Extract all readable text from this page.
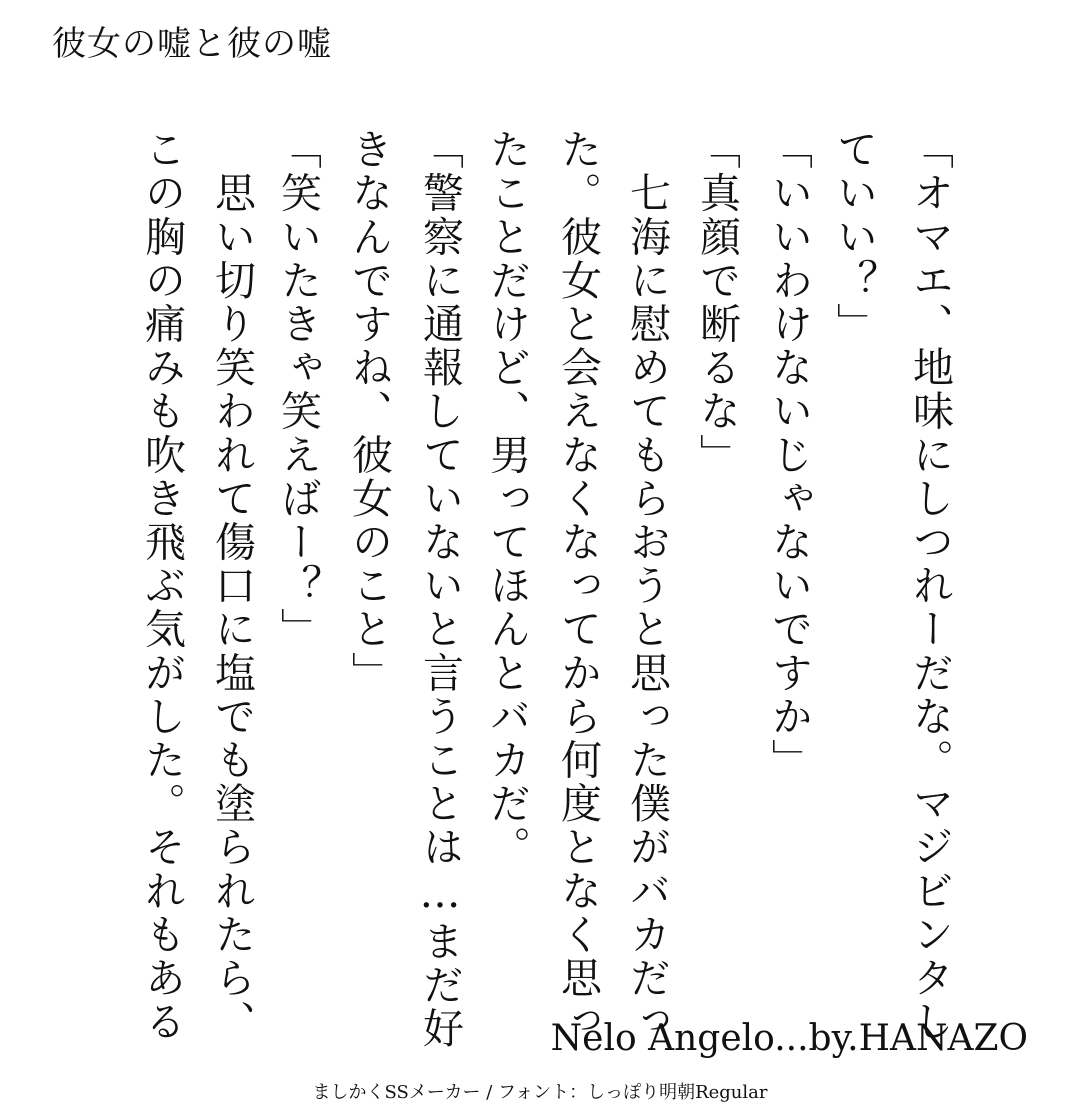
彼女の嘘と彼の嘘
「オマエ、地味にしつれーだな。マジビンタし
ていい？」
「いいわけないじゃないですか」
「真顔で断るな」
　七海に慰めてもらおうと思った僕がバカだっ
た。彼女と会えなくなってから何度となく思っ
たことだけど、男ってほんとバカだ。
「警察に通報していないと言うことは…まだ好
きなんですね、彼女のこと」
「笑いたきゃ笑えばー？」
　思い切り笑われて傷口に塩でも塗られたら、
この胸の痛みも吹き飛ぶ気がした。それもある	Nelo Angelo...by.HANAZO
ましかくSSメーカー / フォント：しっぽり明朝Regular
